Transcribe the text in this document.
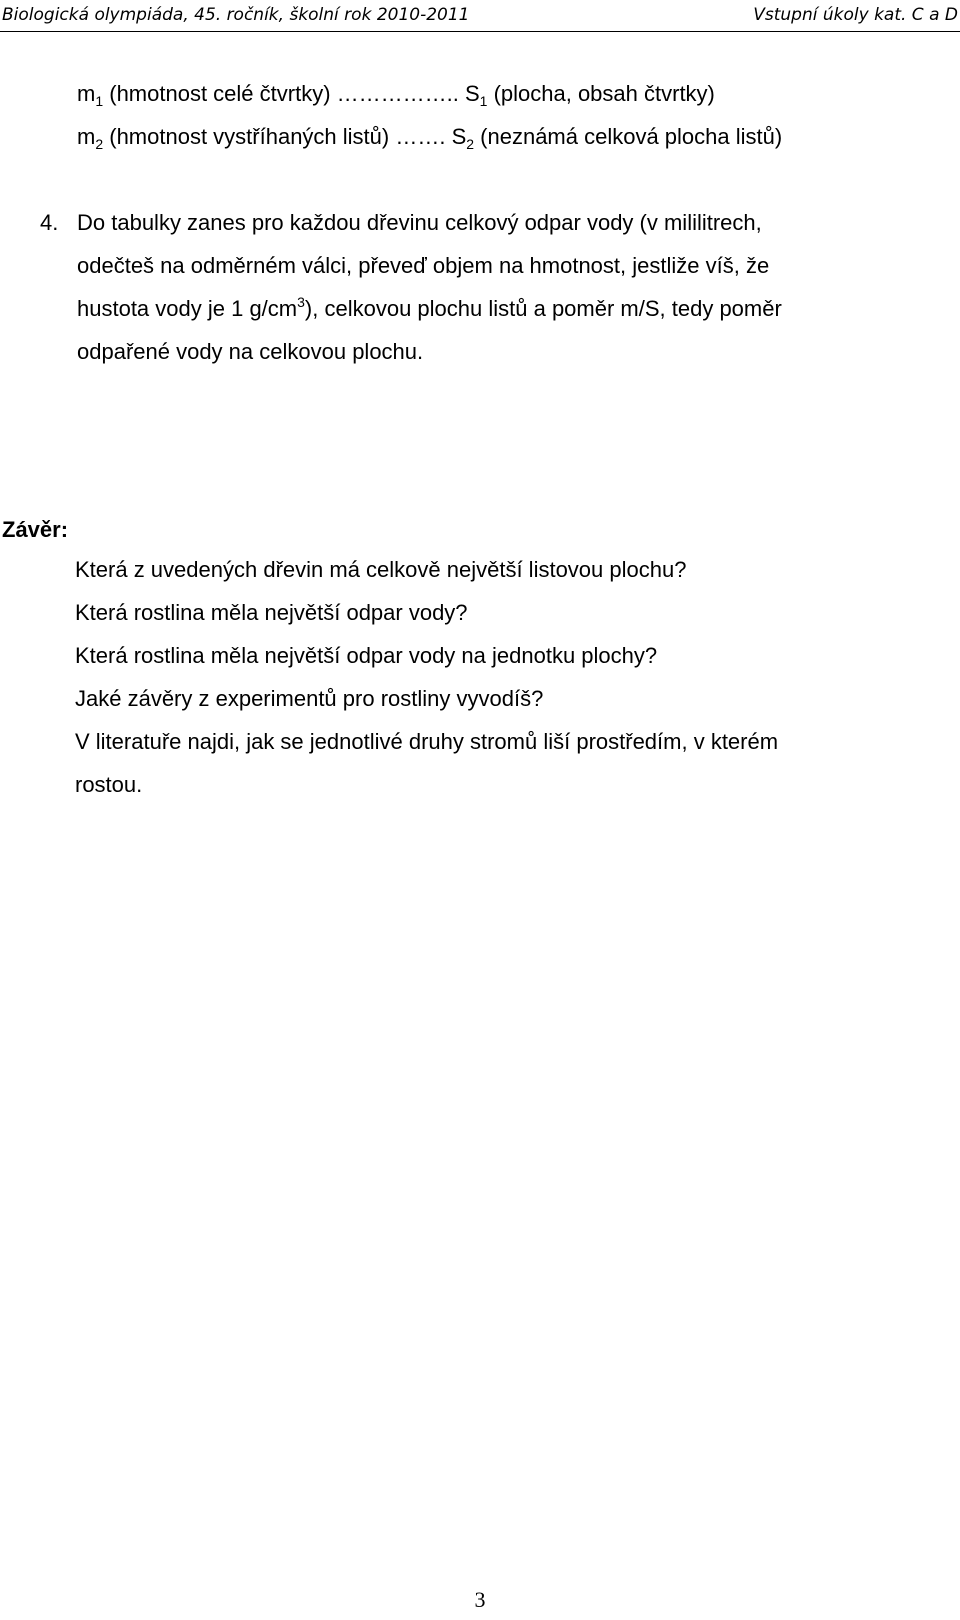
Biologická olympiáda, 45. ročník, školní rok 2010-2011	Vstupní úkoly kat. C a D
$m_1$ (hmotnost celé čtvrtky) …………….. $S_1$ (plocha, obsah čtvrtky)
$m_2$ (hmotnost vystříhaných listů) ……. $S_2$ (neznámá celková plocha listů)
4. Do tabulky zanes pro každou dřevinu celkový odpar vody (v mililitrech,
odečteš na odměrném válci, převeď objem na hmotnost, jestliže víš, že
hustota vody je 1 $g/cm^3$), celkovou plochu listů a poměr m/S, tedy poměr
odpařené vody na celkovou plochu.
Závěr:
Která z uvedených dřevin má celkově největší listovou plochu?
Která rostlina měla největší odpar vody?
Která rostlina měla největší odpar vody na jednotku plochy?
Jaké závěry z experimentů pro rostliny vyvodíš?
V literatuře najdi, jak se jednotlivé druhy stromů liší prostředím, v kterém
rostou.
3
